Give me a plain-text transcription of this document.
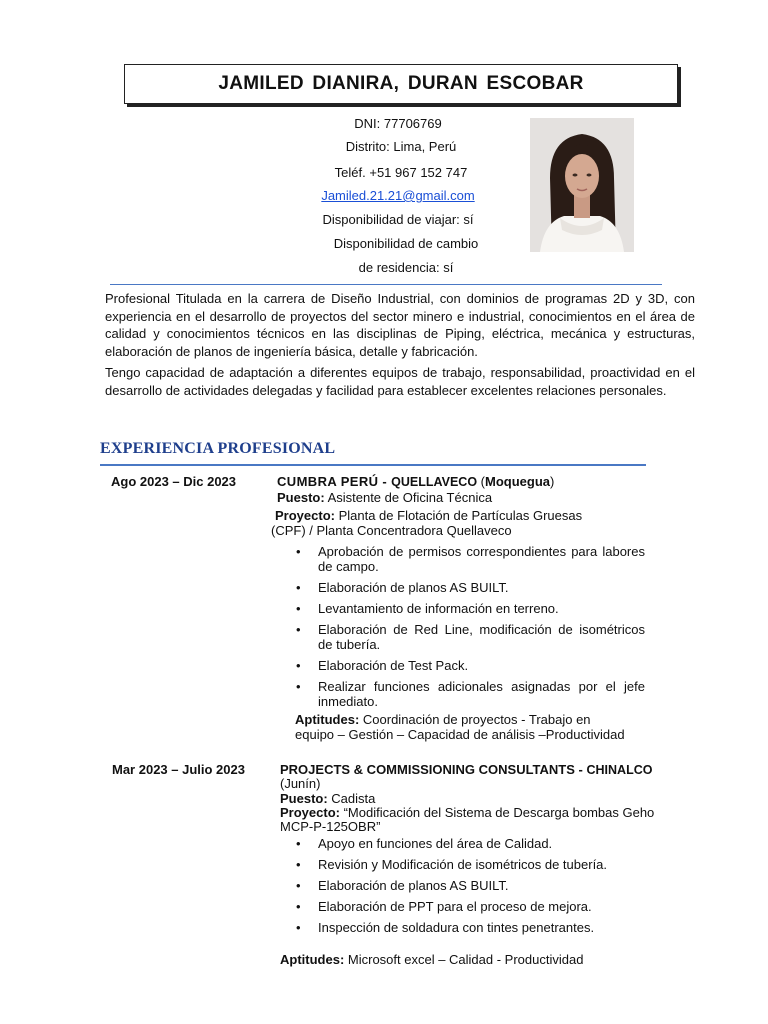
JAMILED DIANIRA, DURAN ESCOBAR
DNI: 77706769
Distrito: Lima, Perú
Teléf. +51 967 152 747
Jamiled.21.21@gmail.com
Disponibilidad de viajar: sí
Disponibilidad de cambio
de residencia: sí

Profesional Titulada en la carrera de Diseño Industrial, con dominios de programas 2D y 3D, con experiencia en el desarrollo de proyectos del sector minero e industrial, conocimientos en el área de calidad y conocimientos técnicos en las disciplinas de Piping, eléctrica, mecánica y estructuras, elaboración de planos de ingeniería básica, detalle y fabricación.

Tengo capacidad de adaptación a diferentes equipos de trabajo, responsabilidad, proactividad en el desarrollo de actividades delegadas y facilidad para establecer excelentes relaciones personales.

EXPERIENCIA PROFESIONAL
Ago 2023 – Dic 2023	CUMBRA PERÚ - QUELLAVECO (Moquegua)
Puesto: Asistente de Oficina Técnica
Proyecto: Planta de Flotación de Partículas Gruesas
(CPF) / Planta Concentradora Quellaveco
• Aprobación de permisos correspondientes para labores de campo.
• Elaboración de planos AS BUILT.
• Levantamiento de información en terreno.
• Elaboración de Red Line, modificación de isométricos de tubería.
• Elaboración de Test Pack.
• Realizar funciones adicionales asignadas por el jefe inmediato.
Aptitudes: Coordinación de proyectos - Trabajo en
equipo – Gestión – Capacidad de análisis –Productividad
Mar 2023 – Julio 2023	PROJECTS & COMMISSIONING CONSULTANTS - CHINALCO
(Junín)
Puesto: Cadista
Proyecto: “Modificación del Sistema de Descarga bombas Geho
MCP-P-125OBR”
• Apoyo en funciones del área de Calidad.
• Revisión y Modificación de isométricos de tubería.
• Elaboración de planos AS BUILT.
• Elaboración de PPT para el proceso de mejora.
• Inspección de soldadura con tintes penetrantes.
Aptitudes: Microsoft excel – Calidad - Productividad
